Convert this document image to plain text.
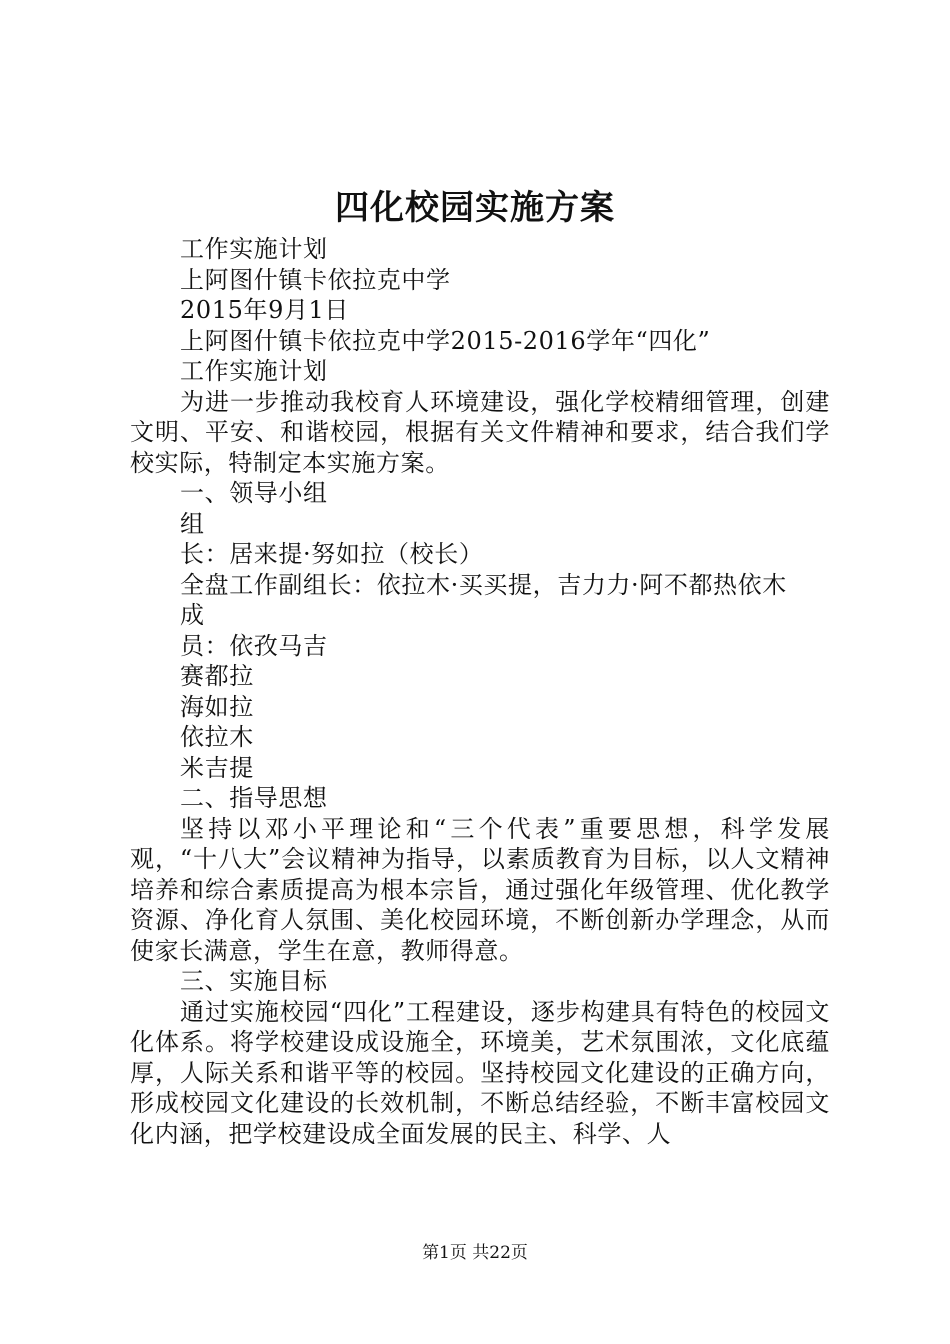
四化校园实施方案

工作实施计划

上阿图什镇卡依拉克中学

2015年9月1日

上阿图什镇卡依拉克中学2015-2016学年“四化”

工作实施计划

为进一步推动我校育人环境建设，强化学校精细管理，创建文明、平安、和谐校园，根据有关文件精神和要求，结合我们学校实际，特制定本实施方案。

一、领导小组

组

长：居来提·努如拉（校长）

全盘工作副组长：依拉木·买买提，吉力力·阿不都热依木

成

员：依孜马吉

赛都拉

海如拉

依拉木

米吉提

二、指导思想

坚持以邓小平理论和“三个代表”重要思想，科学发展观，“十八大”会议精神为指导，以素质教育为目标，以人文精神培养和综合素质提高为根本宗旨，通过强化年级管理、优化教学资源、净化育人氛围、美化校园环境，不断创新办学理念，从而使家长满意，学生在意，教师得意。

三、实施目标

通过实施校园“四化”工程建设，逐步构建具有特色的校园文化体系。将学校建设成设施全，环境美，艺术氛围浓，文化底蕴厚，人际关系和谐平等的校园。坚持校园文化建设的正确方向，形成校园文化建设的长效机制，不断总结经验，不断丰富校园文化内涵，把学校建设成全面发展的民主、科学、人

第1页 共22页
